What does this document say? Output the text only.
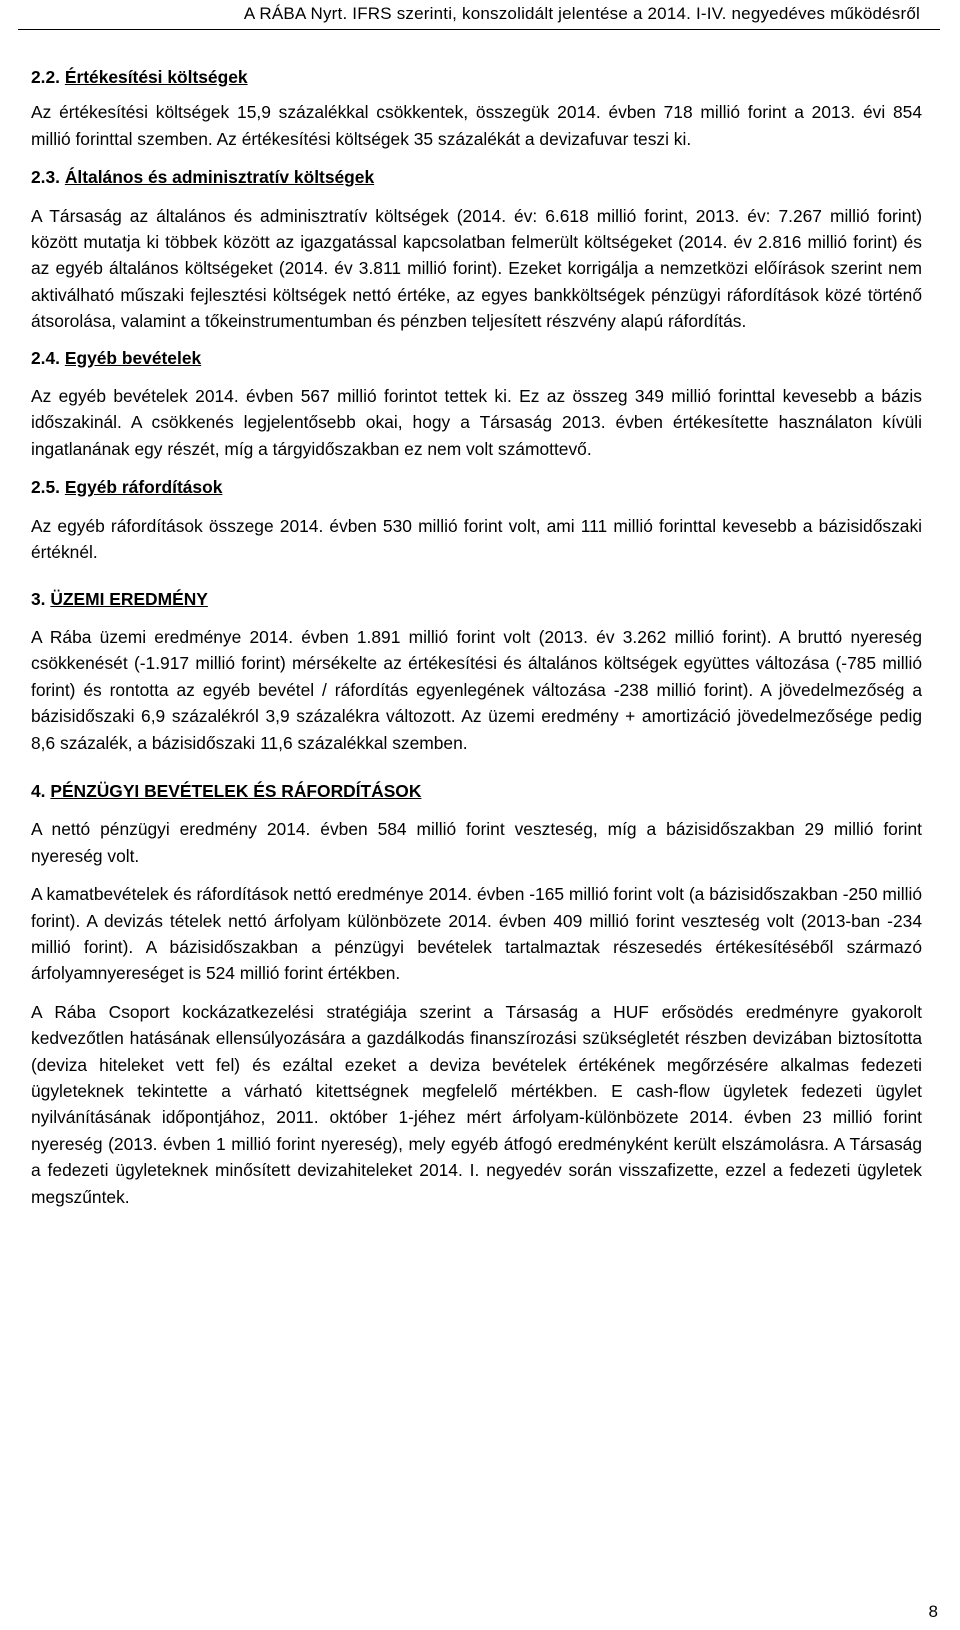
A RÁBA Nyrt. IFRS szerinti, konszolidált jelentése a 2014. I-IV. negyedéves működésről
2.2. Értékesítési költségek

Az értékesítési költségek 15,9 százalékkal csökkentek, összegük 2014. évben 718 millió forint a 2013. évi 854 millió forinttal szemben. Az értékesítési költségek 35 százalékát a devizafuvar teszi ki.

2.3. Általános és adminisztratív költségek

A Társaság az általános és adminisztratív költségek (2014. év: 6.618 millió forint, 2013. év: 7.267 millió forint) között mutatja ki többek között az igazgatással kapcsolatban felmerült költségeket (2014. év 2.816 millió forint) és az egyéb általános költségeket (2014. év 3.811 millió forint). Ezeket korrigálja a nemzetközi előírások szerint nem aktiválható műszaki fejlesztési költségek nettó értéke, az egyes bankköltségek pénzügyi ráfordítások közé történő átsorolása, valamint a tőkeinstrumentumban és pénzben teljesített részvény alapú ráfordítás.

2.4. Egyéb bevételek

Az egyéb bevételek 2014. évben 567 millió forintot tettek ki. Ez az összeg 349 millió forinttal kevesebb a bázis időszakinál. A csökkenés legjelentősebb okai, hogy a Társaság 2013. évben értékesítette használaton kívüli ingatlanának egy részét, míg a tárgyidőszakban ez nem volt számottevő.

2.5. Egyéb ráfordítások

Az egyéb ráfordítások összege 2014. évben 530 millió forint volt, ami 111 millió forinttal kevesebb a bázisidőszaki értéknél.

3. ÜZEMI EREDMÉNY

A Rába üzemi eredménye 2014. évben 1.891 millió forint volt (2013. év 3.262 millió forint). A bruttó nyereség csökkenését (-1.917 millió forint) mérsékelte az értékesítési és általános költségek együttes változása (-785 millió forint) és rontotta az egyéb bevétel / ráfordítás egyenlegének változása -238 millió forint). A jövedelmezőség a bázisidőszaki 6,9 százalékról 3,9 százalékra változott. Az üzemi eredmény + amortizáció jövedelmezősége pedig 8,6 százalék, a bázisidőszaki 11,6 százalékkal szemben.

4. PÉNZÜGYI BEVÉTELEK ÉS RÁFORDÍTÁSOK

A nettó pénzügyi eredmény 2014. évben 584 millió forint veszteség, míg a bázisidőszakban 29 millió forint nyereség volt.

A kamatbevételek és ráfordítások nettó eredménye 2014. évben -165 millió forint volt (a bázisidőszakban -250 millió forint). A devizás tételek nettó árfolyam különbözete 2014. évben 409 millió forint veszteség volt (2013-ban -234 millió forint). A bázisidőszakban a pénzügyi bevételek tartalmaztak részesedés értékesítéséből származó árfolyamnyereséget is 524 millió forint értékben.

A Rába Csoport kockázatkezelési stratégiája szerint a Társaság a HUF erősödés eredményre gyakorolt kedvezőtlen hatásának ellensúlyozására a gazdálkodás finanszírozási szükségletét részben devizában biztosította (deviza hiteleket vett fel) és ezáltal ezeket a deviza bevételek értékének megőrzésére alkalmas fedezeti ügyleteknek tekintette a várható kitettségnek megfelelő mértékben. E cash-flow ügyletek fedezeti ügylet nyilvánításának időpontjához, 2011. október 1-jéhez mért árfolyam-különbözete 2014. évben 23 millió forint nyereség (2013. évben 1 millió forint nyereség), mely egyéb átfogó eredményként került elszámolásra. A Társaság a fedezeti ügyleteknek minősített devizahiteleket 2014. I. negyedév során visszafizette, ezzel a fedezeti ügyletek megszűntek.

8
